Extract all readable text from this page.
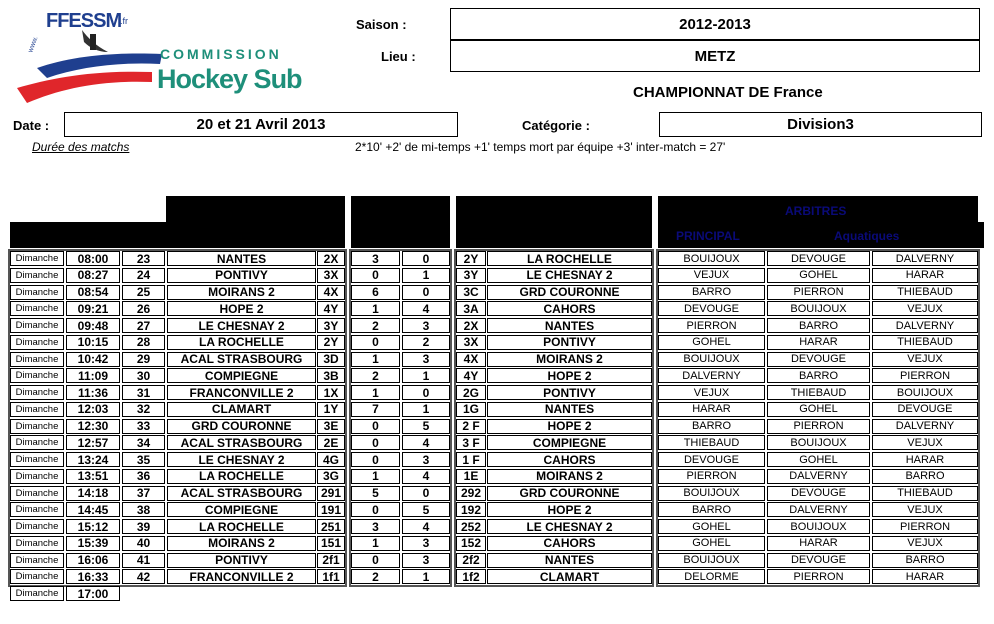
www.
FFESSM
.fr
COMMISSION
Hockey Sub
Saison :	2012-2013
Lieu :	METZ
CHAMPIONNAT DE France
Date :	20 et 21 Avril 2013	Catégorie :	Division3
Durée des matchs	2*10' +2' de mi-temps +1' temps mort par équipe +3' inter-match = 27'
ARBITRES
PRINCIPAL	Aquatiques
Dimanche	08:00	23	NANTES	2X	3	0	2Y	LA ROCHELLE	BOUIJOUX	DEVOUGE	DALVERNY
Dimanche	08:27	24	PONTIVY	3X	0	1	3Y	LE CHESNAY 2	VEJUX	GOHEL	HARAR
Dimanche	08:54	25	MOIRANS 2	4X	6	0	3C	GRD COURONNE	BARRO	PIERRON	THIEBAUD
Dimanche	09:21	26	HOPE 2	4Y	1	4	3A	CAHORS	DEVOUGE	BOUIJOUX	VEJUX
Dimanche	09:48	27	LE CHESNAY 2	3Y	2	3	2X	NANTES	PIERRON	BARRO	DALVERNY
Dimanche	10:15	28	LA ROCHELLE	2Y	0	2	3X	PONTIVY	GOHEL	HARAR	THIEBAUD
Dimanche	10:42	29	ACAL STRASBOURG	3D	1	3	4X	MOIRANS 2	BOUIJOUX	DEVOUGE	VEJUX
Dimanche	11:09	30	COMPIEGNE	3B	2	1	4Y	HOPE 2	DALVERNY	BARRO	PIERRON
Dimanche	11:36	31	FRANCONVILLE 2	1X	1	0	2G	PONTIVY	VEJUX	THIEBAUD	BOUIJOUX
Dimanche	12:03	32	CLAMART	1Y	7	1	1G	NANTES	HARAR	GOHEL	DEVOUGE
Dimanche	12:30	33	GRD COURONNE	3E	0	5	2 F	HOPE 2	BARRO	PIERRON	DALVERNY
Dimanche	12:57	34	ACAL STRASBOURG	2E	0	4	3 F	COMPIEGNE	THIEBAUD	BOUIJOUX	VEJUX
Dimanche	13:24	35	LE CHESNAY 2	4G	0	3	1 F	CAHORS	DEVOUGE	GOHEL	HARAR
Dimanche	13:51	36	LA ROCHELLE	3G	1	4	1E	MOIRANS 2	PIERRON	DALVERNY	BARRO
Dimanche	14:18	37	ACAL STRASBOURG	291	5	0	292	GRD COURONNE	BOUIJOUX	DEVOUGE	THIEBAUD
Dimanche	14:45	38	COMPIEGNE	191	0	5	192	HOPE 2	BARRO	DALVERNY	VEJUX
Dimanche	15:12	39	LA ROCHELLE	251	3	4	252	LE CHESNAY 2	GOHEL	BOUIJOUX	PIERRON
Dimanche	15:39	40	MOIRANS 2	151	1	3	152	CAHORS	GOHEL	HARAR	VEJUX
Dimanche	16:06	41	PONTIVY	2f1	0	3	2f2	NANTES	BOUIJOUX	DEVOUGE	BARRO
Dimanche	16:33	42	FRANCONVILLE 2	1f1	2	1	1f2	CLAMART	DELORME	PIERRON	HARAR
Dimanche	17:00
